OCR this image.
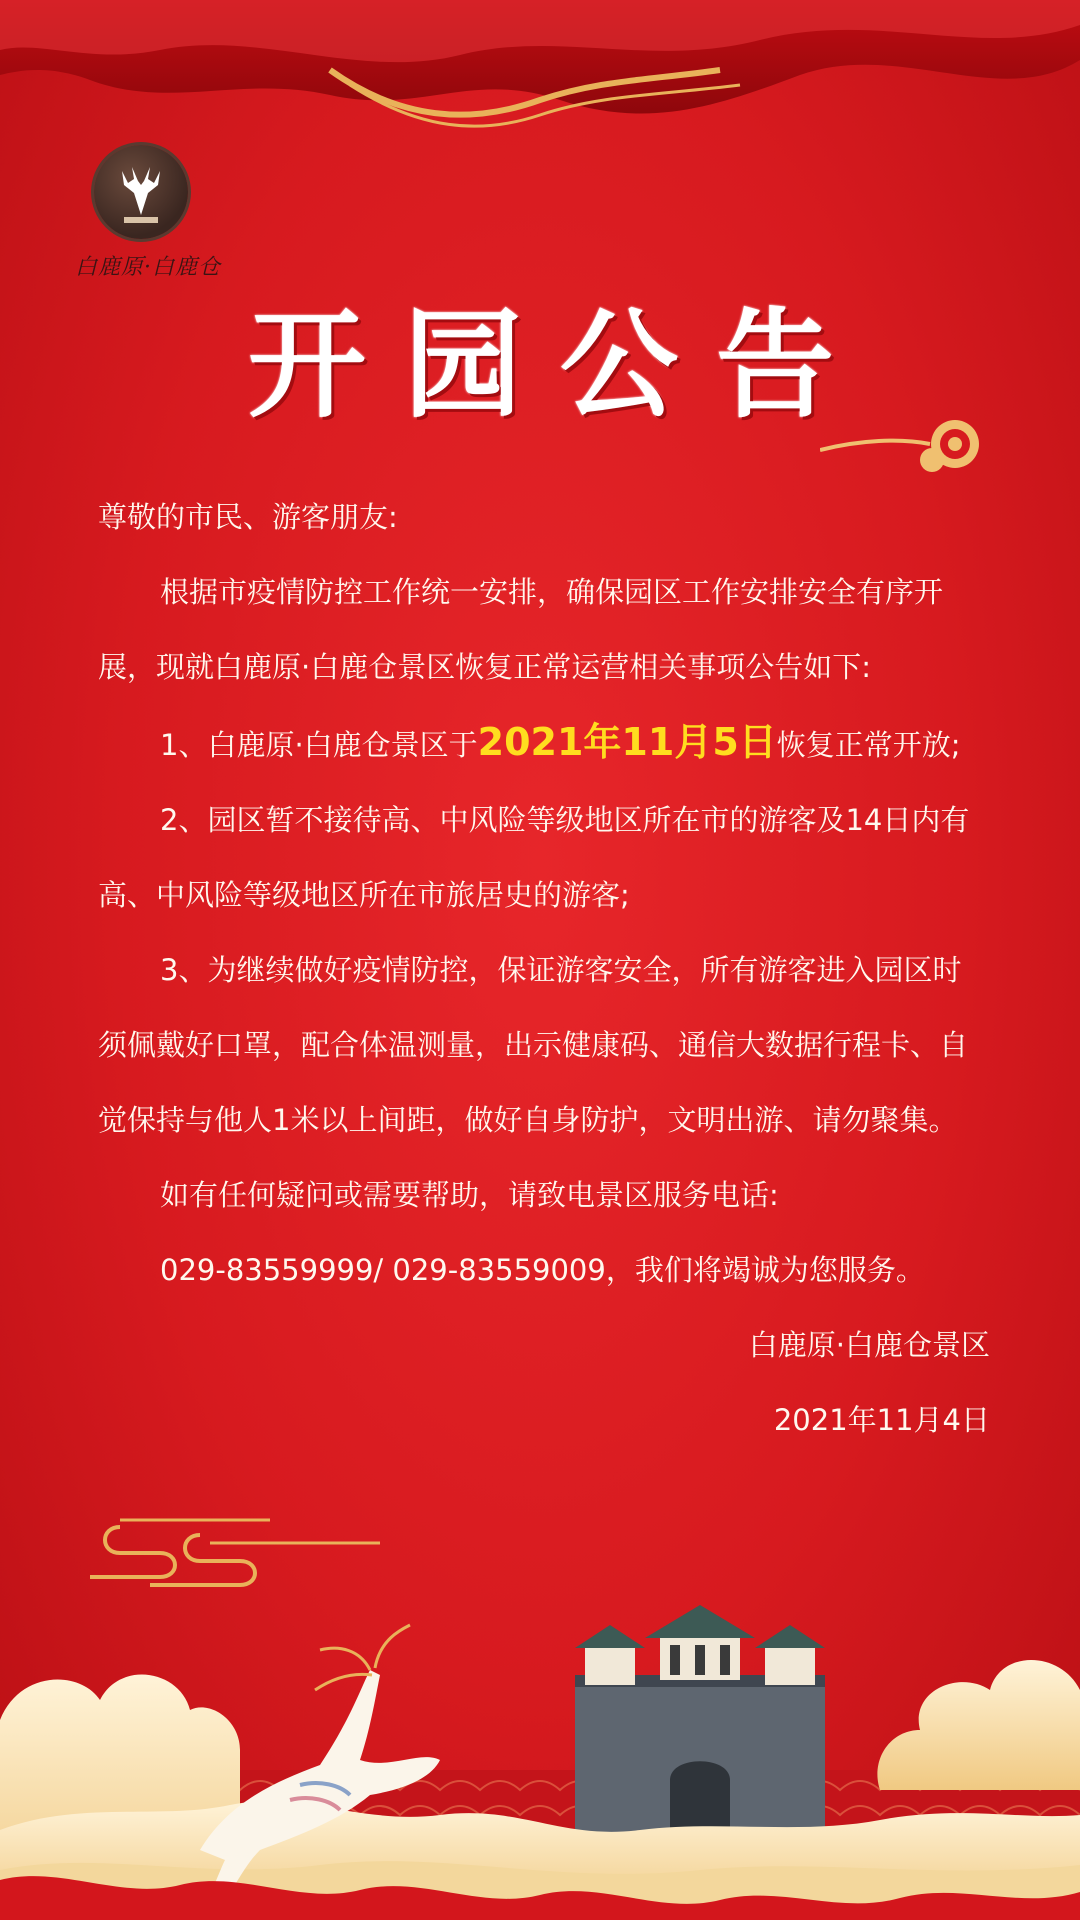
白鹿原·白鹿仓
开园公告

尊敬的市民、游客朋友:

根据市疫情防控工作统一安排，确保园区工作安排安全有序开展，现就白鹿原·白鹿仓景区恢复正常运营相关事项公告如下:

1、白鹿原·白鹿仓景区于2021年11月5日恢复正常开放;

2、园区暂不接待高、中风险等级地区所在市的游客及14日内有高、中风险等级地区所在市旅居史的游客;

3、为继续做好疫情防控，保证游客安全，所有游客进入园区时须佩戴好口罩，配合体温测量，出示健康码、通信大数据行程卡、自觉保持与他人1米以上间距，做好自身防护，文明出游、请勿聚集。

如有任何疑问或需要帮助，请致电景区服务电话:

029-83559999/ 029-83559009，我们将竭诚为您服务。

白鹿原·白鹿仓景区

2021年11月4日
